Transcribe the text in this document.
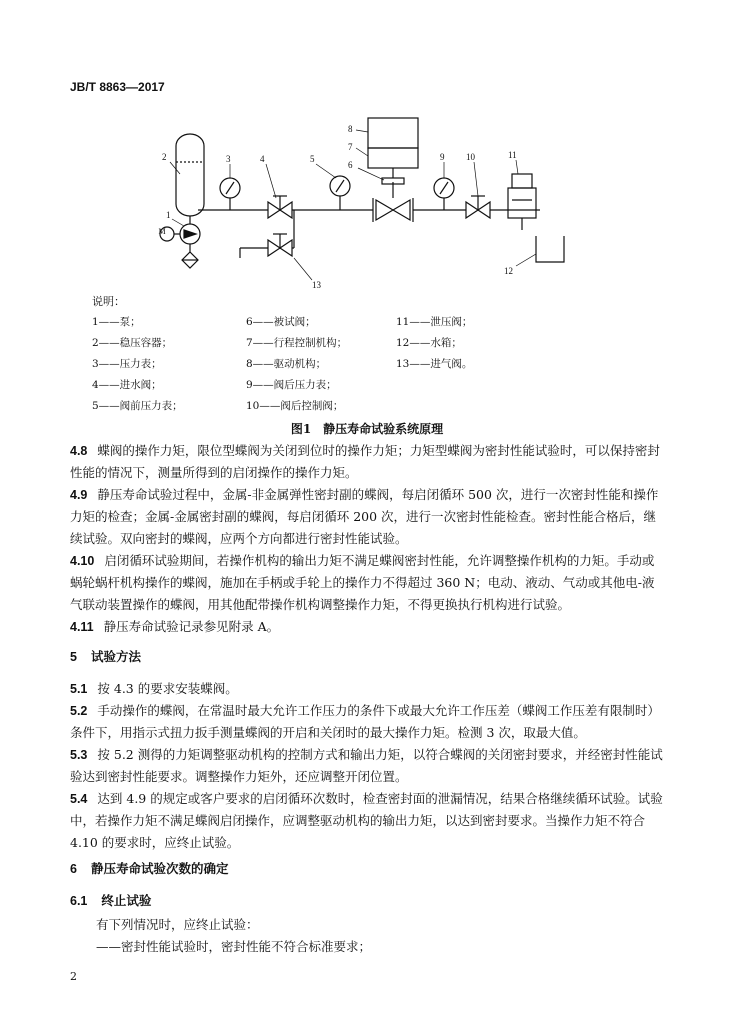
JB/T 8863—2017
M
1
2	3	4	5
6
7
8
9 10	11
12
13
说明：
1——泵；	6——被试阀；	11——泄压阀；
2——稳压容器；	7——行程控制机构；	12——水箱；
3——压力表；	8——驱动机构；	13——进气阀。
4——进水阀；	9——阀后压力表；
5——阀前压力表；	10——阀后控制阀；
图1　静压寿命试验系统原理
4.8 蝶阀的操作力矩，限位型蝶阀为关闭到位时的操作力矩；力矩型蝶阀为密封性能试验时，可以保持密封性能的情况下，测量所得到的启闭操作的操作力矩。
4.9 静压寿命试验过程中，金属-非金属弹性密封副的蝶阀，每启闭循环 500 次，进行一次密封性能和操作力矩的检查；金属-金属密封副的蝶阀，每启闭循环 200 次，进行一次密封性能检查。密封性能合格后，继续试验。双向密封的蝶阀，应两个方向都进行密封性能试验。
4.10 启闭循环试验期间，若操作机构的输出力矩不满足蝶阀密封性能，允许调整操作机构的力矩。手动或蜗轮蜗杆机构操作的蝶阀，施加在手柄或手轮上的操作力不得超过 360 N；电动、液动、气动或其他电-液气联动装置操作的蝶阀，用其他配带操作机构调整操作力矩，不得更换执行机构进行试验。
4.11 静压寿命试验记录参见附录 A。
5 试验方法
5.1 按 4.3 的要求安装蝶阀。
5.2 手动操作的蝶阀，在常温时最大允许工作压力的条件下或最大允许工作压差（蝶阀工作压差有限制时）条件下，用指示式扭力扳手测量蝶阀的开启和关闭时的最大操作力矩。检测 3 次，取最大值。
5.3 按 5.2 测得的力矩调整驱动机构的控制方式和输出力矩，以符合蝶阀的关闭密封要求，并经密封性能试验达到密封性能要求。调整操作力矩外，还应调整开闭位置。
5.4 达到 4.9 的规定或客户要求的启闭循环次数时，检查密封面的泄漏情况，结果合格继续循环试验。试验中，若操作力矩不满足蝶阀启闭操作，应调整驱动机构的输出力矩，以达到密封要求。当操作力矩不符合 4.10 的要求时，应终止试验。
6 静压寿命试验次数的确定
6.1 终止试验
有下列情况时，应终止试验：
——密封性能试验时，密封性能不符合标准要求；
2
